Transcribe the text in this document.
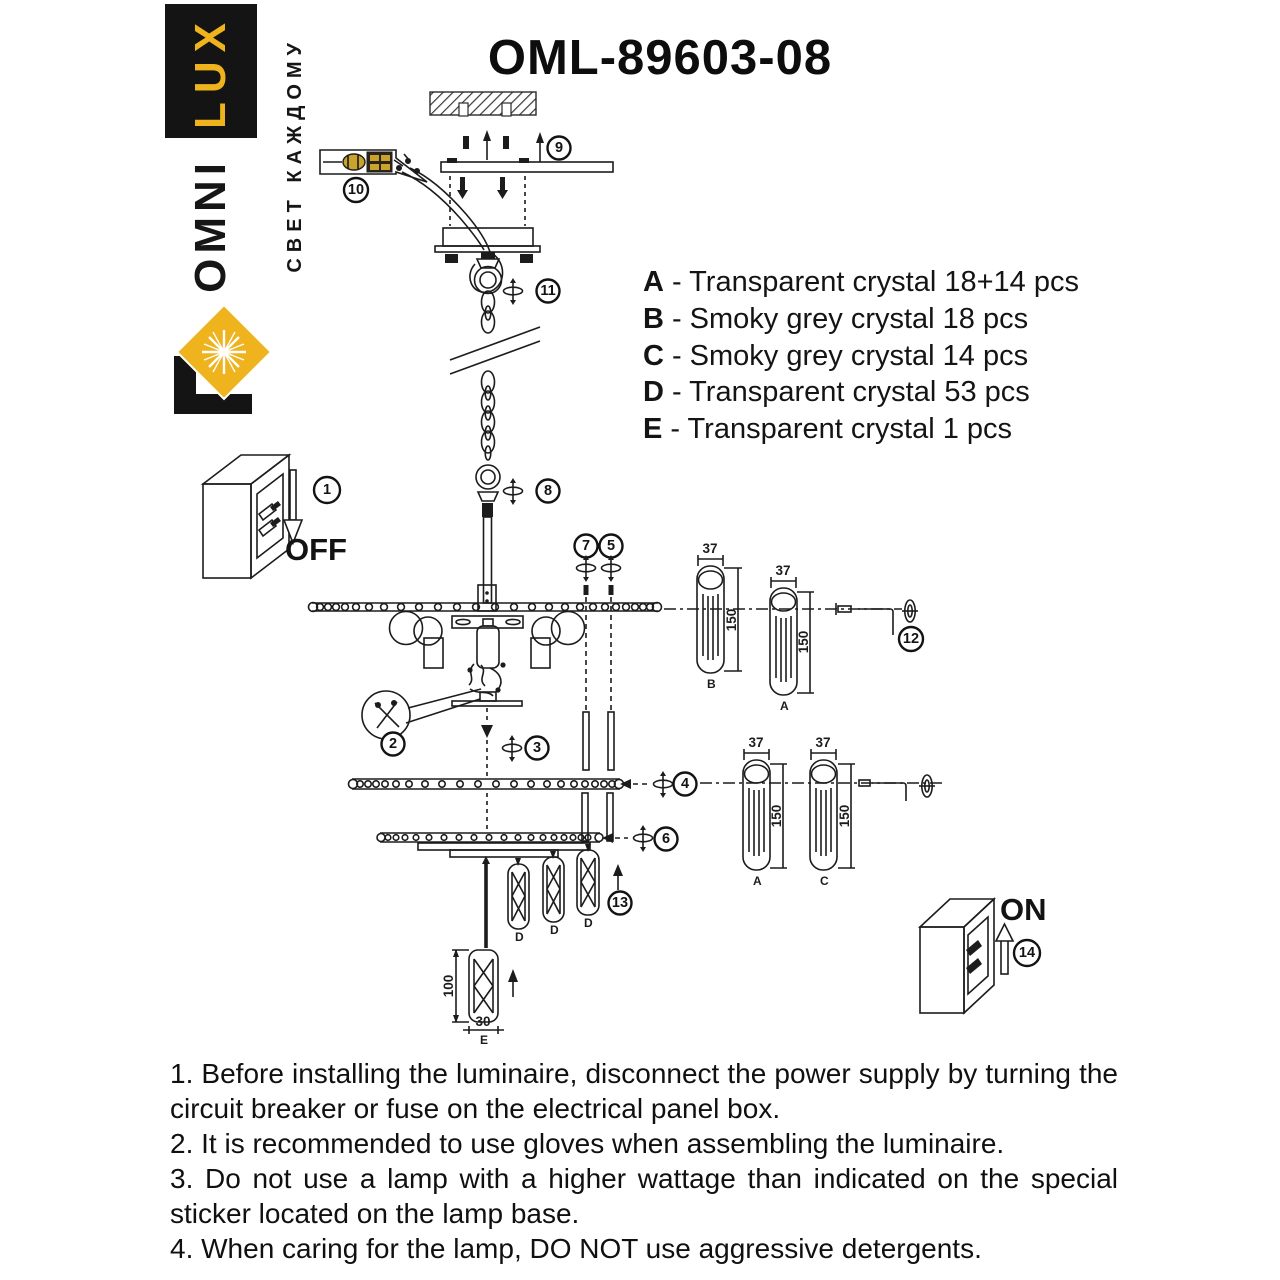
LUX
OMNI СВЕТ КАЖДОМУ	OML-89603-08
A - Transparent crystal 18+14 pcs
B - Smoky grey crystal 18 pcs
C - Smoky grey crystal 14 pcs
D - Transparent crystal 53 pcs
E - Transparent crystal 1 pcs
9
10
11
8
2	3
7 5
4
6
D D D
13
100
30
E
37
150
B
37
150
A
12
37
150
A
37
150
C
1
OFF
ON
14

1. Before installing the luminaire, disconnect the power supply by turning the circuit breaker or fuse on the electrical panel box.

2. It is recommended to use gloves when assembling the luminaire.

3. Do not use a lamp with a higher wattage than indicated on the special sticker located on the lamp base.

4. When caring for the lamp, DO NOT use aggressive detergents.
